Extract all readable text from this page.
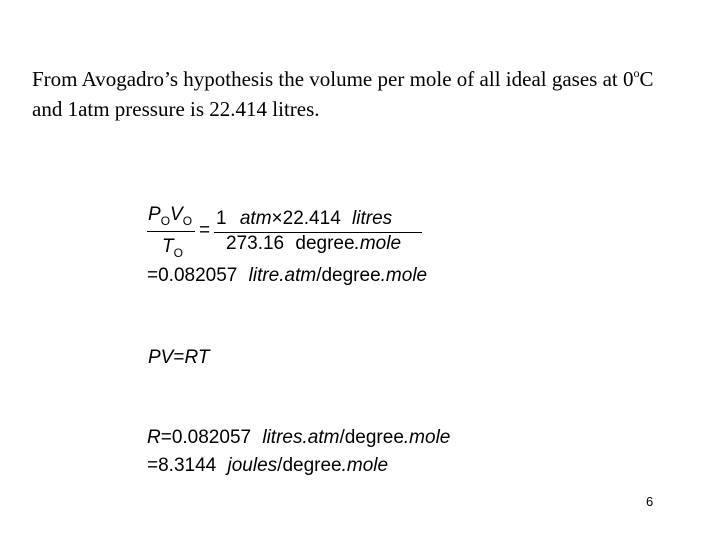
From Avogadro’s hypothesis the volume per mole of all ideal gases at 0$^o$C and 1atm pressure is 22.414 litres.
$P_OV_O$
$T_O$
=
1 atm×22.414 litres
273.16 degree.mole
=0.082057 litre.atm/degree.mole
PV=RT
R=0.082057 litres.atm/degree.mole
=8.3144 joules/degree.mole
6
